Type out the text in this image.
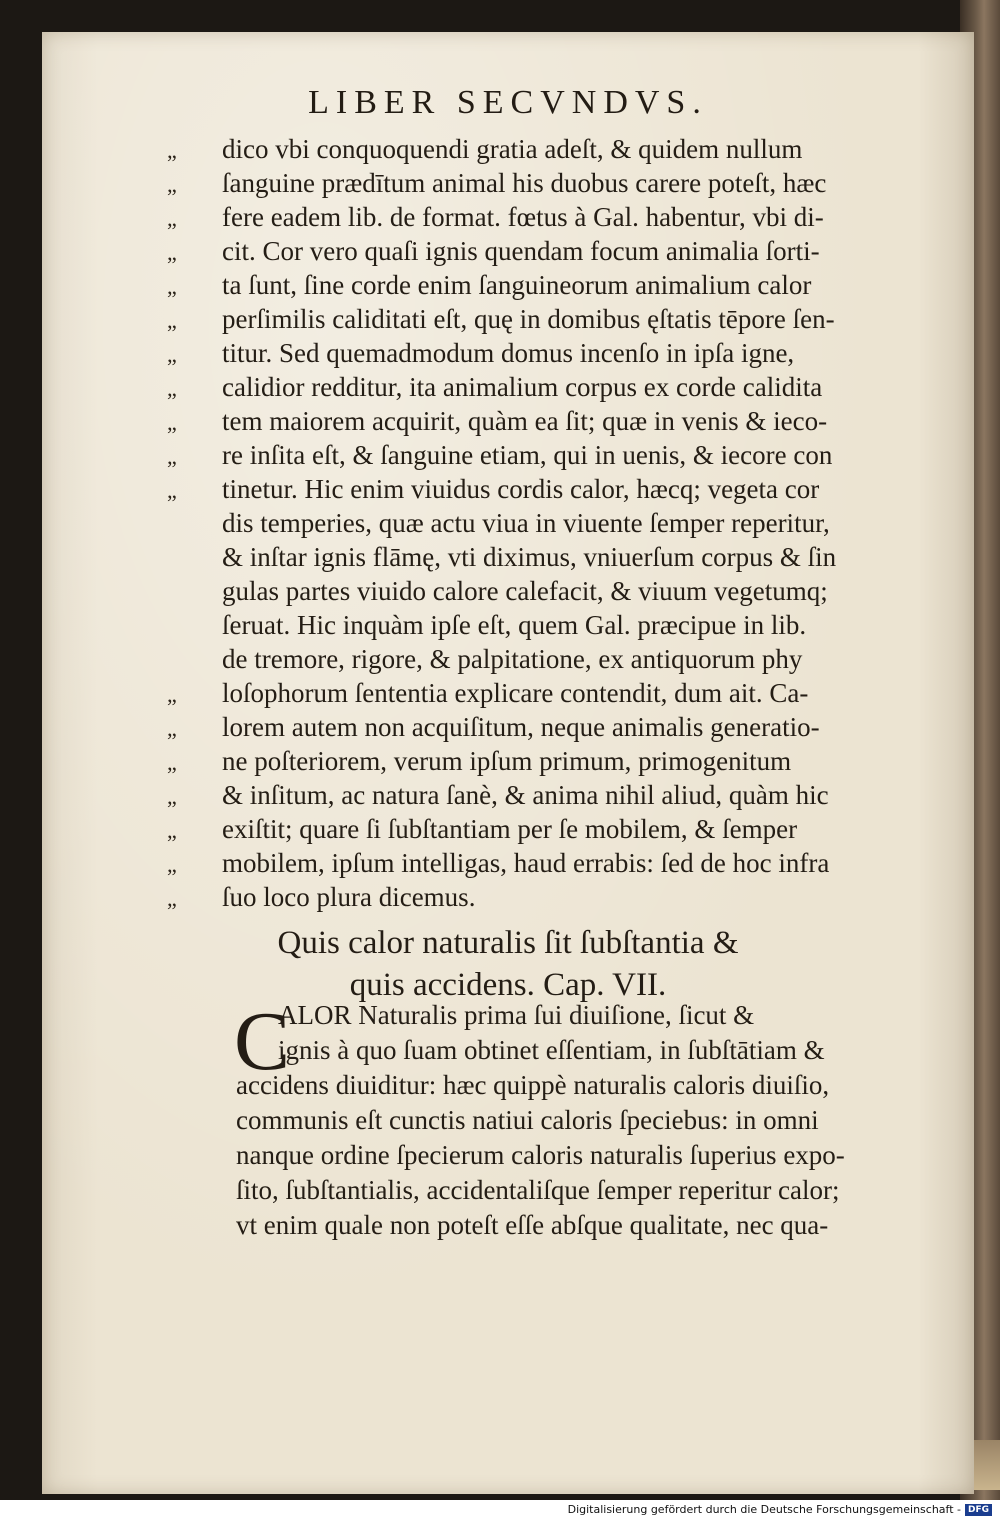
LIBER SECVNDVS.
„ dico vbi conquoquendi gratia adeſt, & quidem nullum
„ ſanguine prædītum animal his duobus carere poteſt, hæc
„ fere eadem lib. de format. fœtus à Gal. habentur, vbi di-
„ cit. Cor vero quaſi ignis quendam focum animalia ſorti-
„ ta ſunt, ſine corde enim ſanguineorum animalium calor
„ perſimilis caliditati eſt, quę in domibus ęſtatis tēpore ſen-
„ titur. Sed quemadmodum domus incenſo in ipſa igne,
„ calidior redditur, ita animalium corpus ex corde calidita
„ tem maiorem acquirit, quàm ea ſit; quæ in venis & ieco-
„ re inſita eſt, & ſanguine etiam, qui in uenis, & iecore con
„ tinetur. Hic enim viuidus cordis calor, hæcq; vegeta cor
dis temperies, quæ actu viua in viuente ſemper reperitur,
& inſtar ignis flāmę, vti diximus, vniuerſum corpus & ſin
gulas partes viuido calore calefacit, & viuum vegetumq;
ſeruat. Hic inquàm ipſe eſt, quem Gal. præcipue in lib.
de tremore, rigore, & palpitatione, ex antiquorum phy
„ loſophorum ſententia explicare contendit, dum ait. Ca-
„ lorem autem non acquiſitum, neque animalis generatio-
„ ne poſteriorem, verum ipſum primum, primogenitum
„ & inſitum, ac natura ſanè, & anima nihil aliud, quàm hic
„ exiſtit; quare ſi ſubſtantiam per ſe mobilem, & ſemper
„ mobilem, ipſum intelligas, haud errabis: ſed de hoc infra
„ ſuo loco plura dicemus.
Quis calor naturalis ſit ſubſtantia &
quis accidens. Cap. VII.
C
ALOR Naturalis prima ſui diuiſione, ſicut &
ignis à quo ſuam obtinet eſſentiam, in ſubſtātiam &
accidens diuiditur: hæc quippè naturalis caloris diuiſio,
communis eſt cunctis natiui caloris ſpeciebus: in omni
nanque ordine ſpecierum caloris naturalis ſuperius expo-
ſito, ſubſtantialis, accidentaliſque ſemper reperitur calor;
vt enim quale non poteſt eſſe abſque qualitate, nec qua-
Digitalisierung gefördert durch die Deutsche Forschungsgemeinschaft - DFG
